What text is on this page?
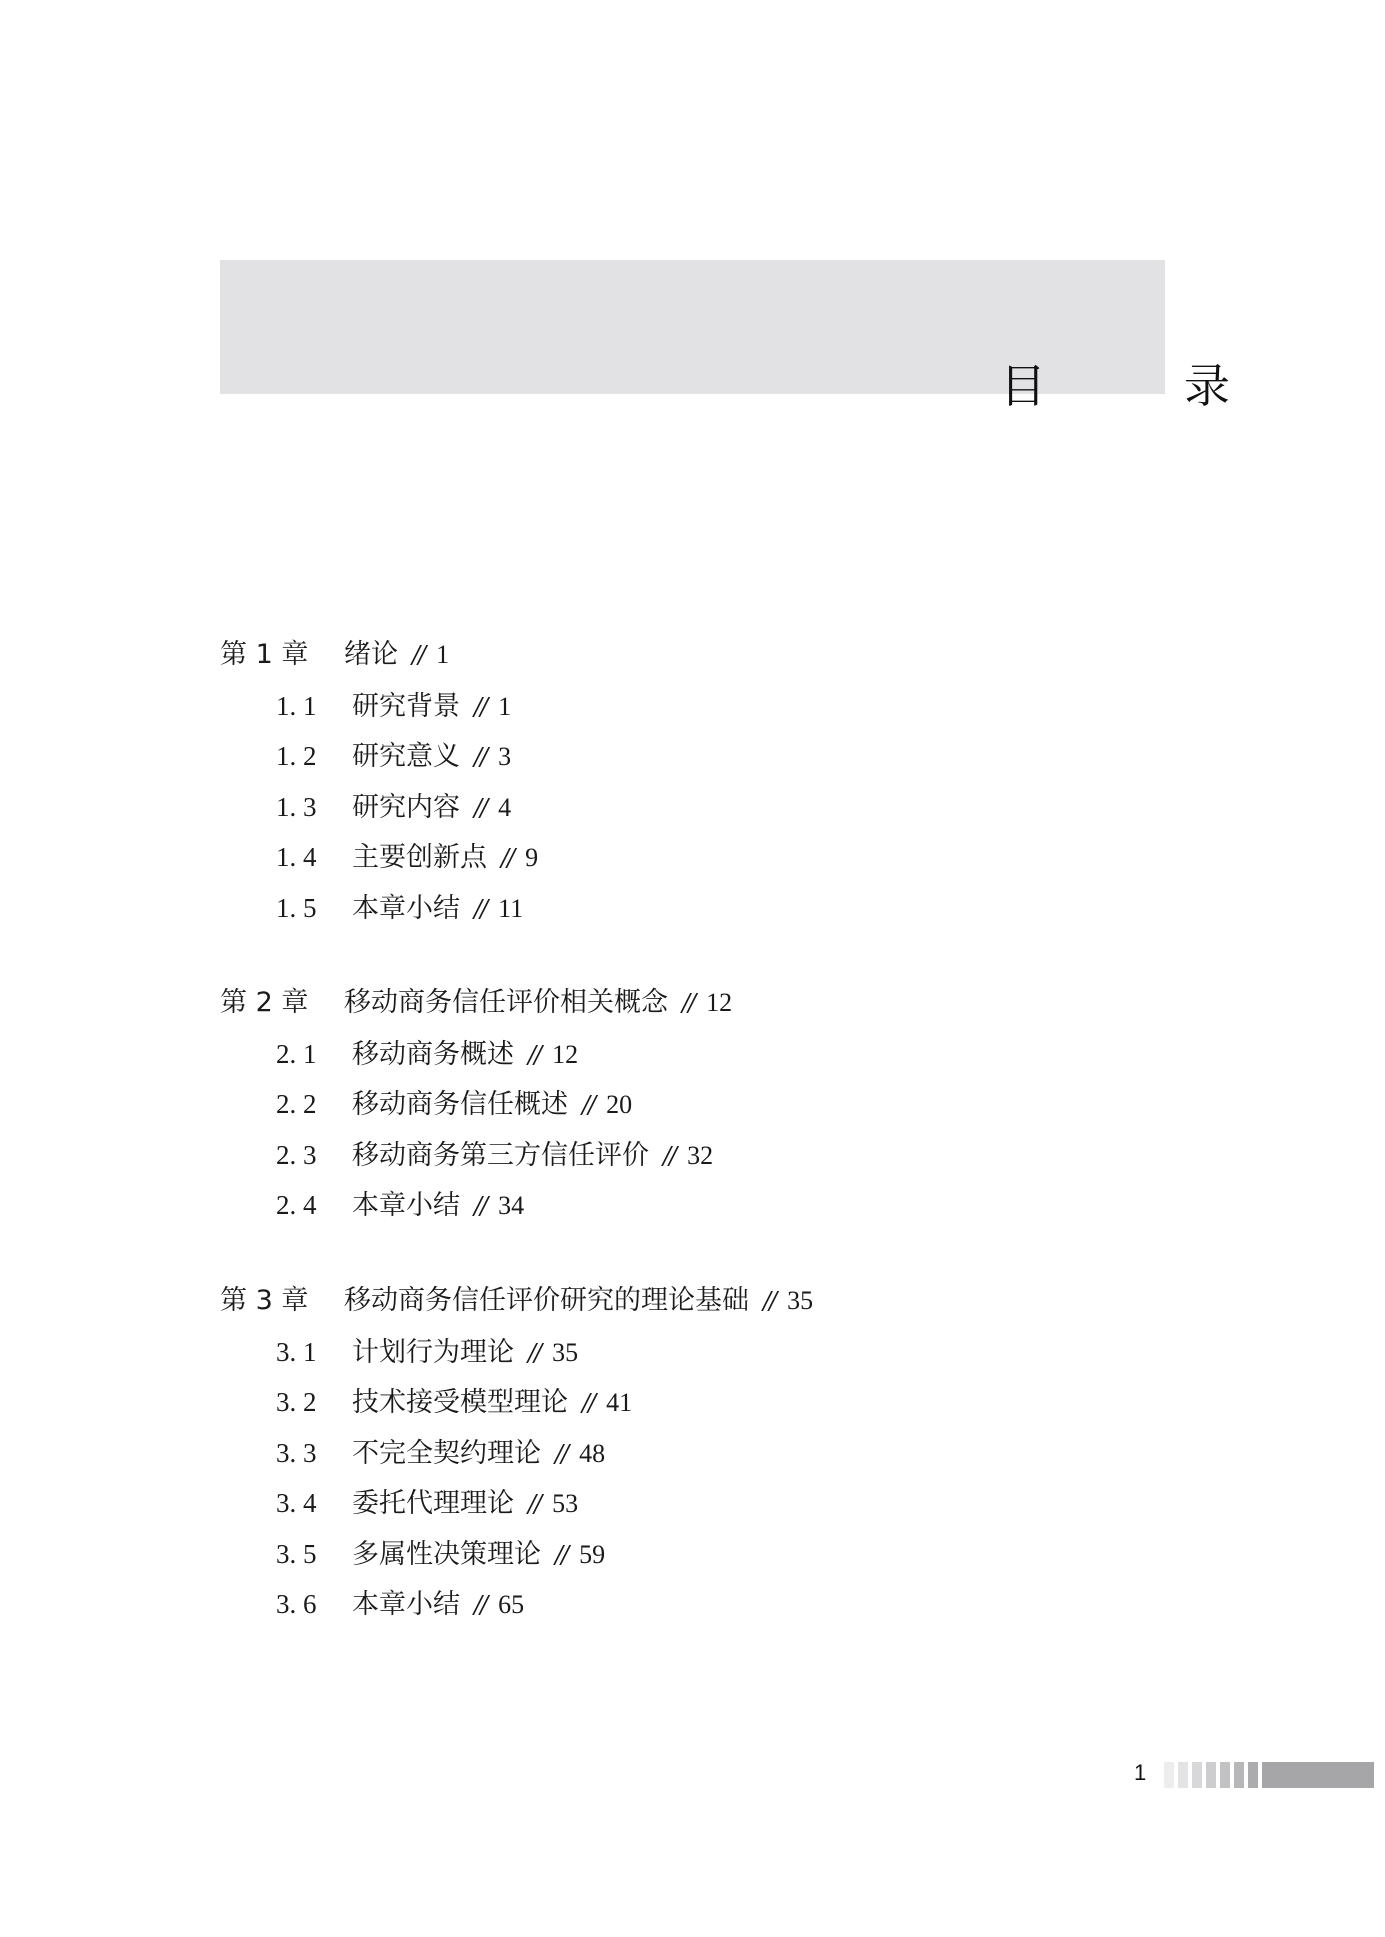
目　录
第 1 章 绪论 // 1
1. 1 研究背景 // 1
1. 2 研究意义 // 3
1. 3 研究内容 // 4
1. 4 主要创新点 // 9
1. 5 本章小结 // 11
第 2 章 移动商务信任评价相关概念 // 12
2. 1 移动商务概述 // 12
2. 2 移动商务信任概述 // 20
2. 3 移动商务第三方信任评价 // 32
2. 4 本章小结 // 34
第 3 章 移动商务信任评价研究的理论基础 // 35
3. 1 计划行为理论 // 35
3. 2 技术接受模型理论 // 41
3. 3 不完全契约理论 // 48
3. 4 委托代理理论 // 53
3. 5 多属性决策理论 // 59
3. 6 本章小结 // 65
1
